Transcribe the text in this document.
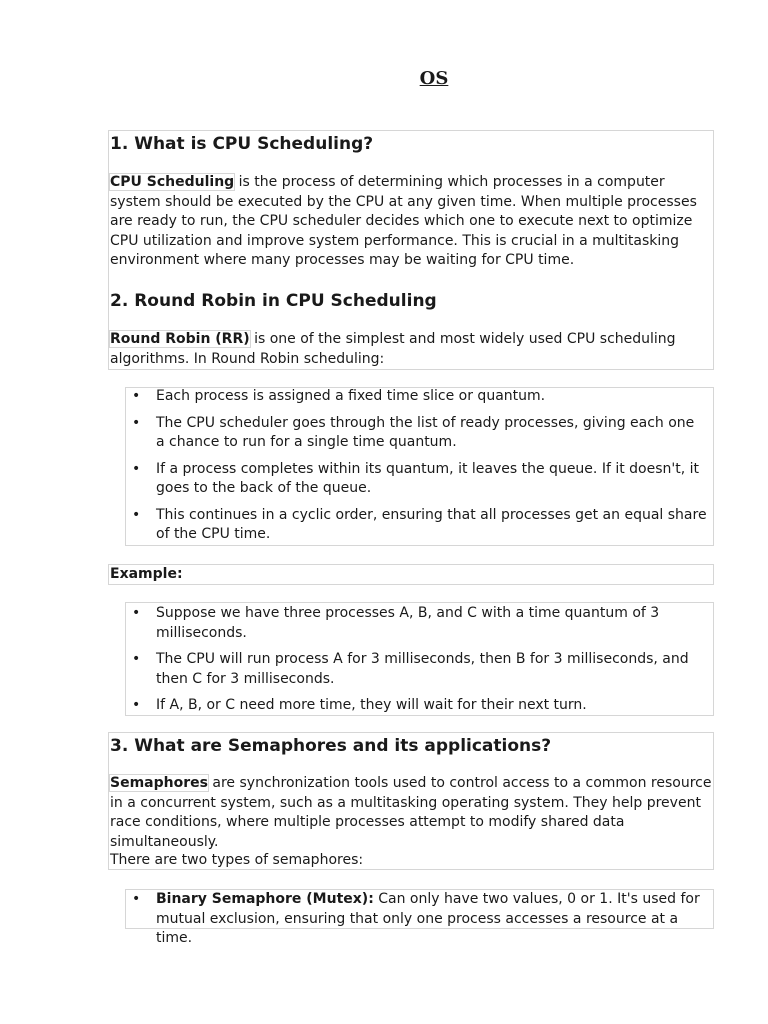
OS
1. What is CPU Scheduling?

CPU Scheduling is the process of determining which processes in a computer system should be executed by the CPU at any given time. When multiple processes are ready to run, the CPU scheduler decides which one to execute next to optimize CPU utilization and improve system performance. This is crucial in a multitasking environment where many processes may be waiting for CPU time.

2. Round Robin in CPU Scheduling

Round Robin (RR) is one of the simplest and most widely used CPU scheduling algorithms. In Round Robin scheduling:

• Each process is assigned a fixed time slice or quantum.
• The CPU scheduler goes through the list of ready processes, giving each one a chance to run for a single time quantum.
• If a process completes within its quantum, it leaves the queue. If it doesn't, it goes to the back of the queue.
• This continues in a cyclic order, ensuring that all processes get an equal share of the CPU time.
Example:
• Suppose we have three processes A, B, and C with a time quantum of 3 milliseconds.
• The CPU will run process A for 3 milliseconds, then B for 3 milliseconds, and then C for 3 milliseconds.
• If A, B, or C need more time, they will wait for their next turn.
3. What are Semaphores and its applications?

Semaphores are synchronization tools used to control access to a common resource in a concurrent system, such as a multitasking operating system. They help prevent race conditions, where multiple processes attempt to modify shared data simultaneously.

There are two types of semaphores:

• Binary Semaphore (Mutex): Can only have two values, 0 or 1. It's used for mutual exclusion, ensuring that only one process accesses a resource at a time.
